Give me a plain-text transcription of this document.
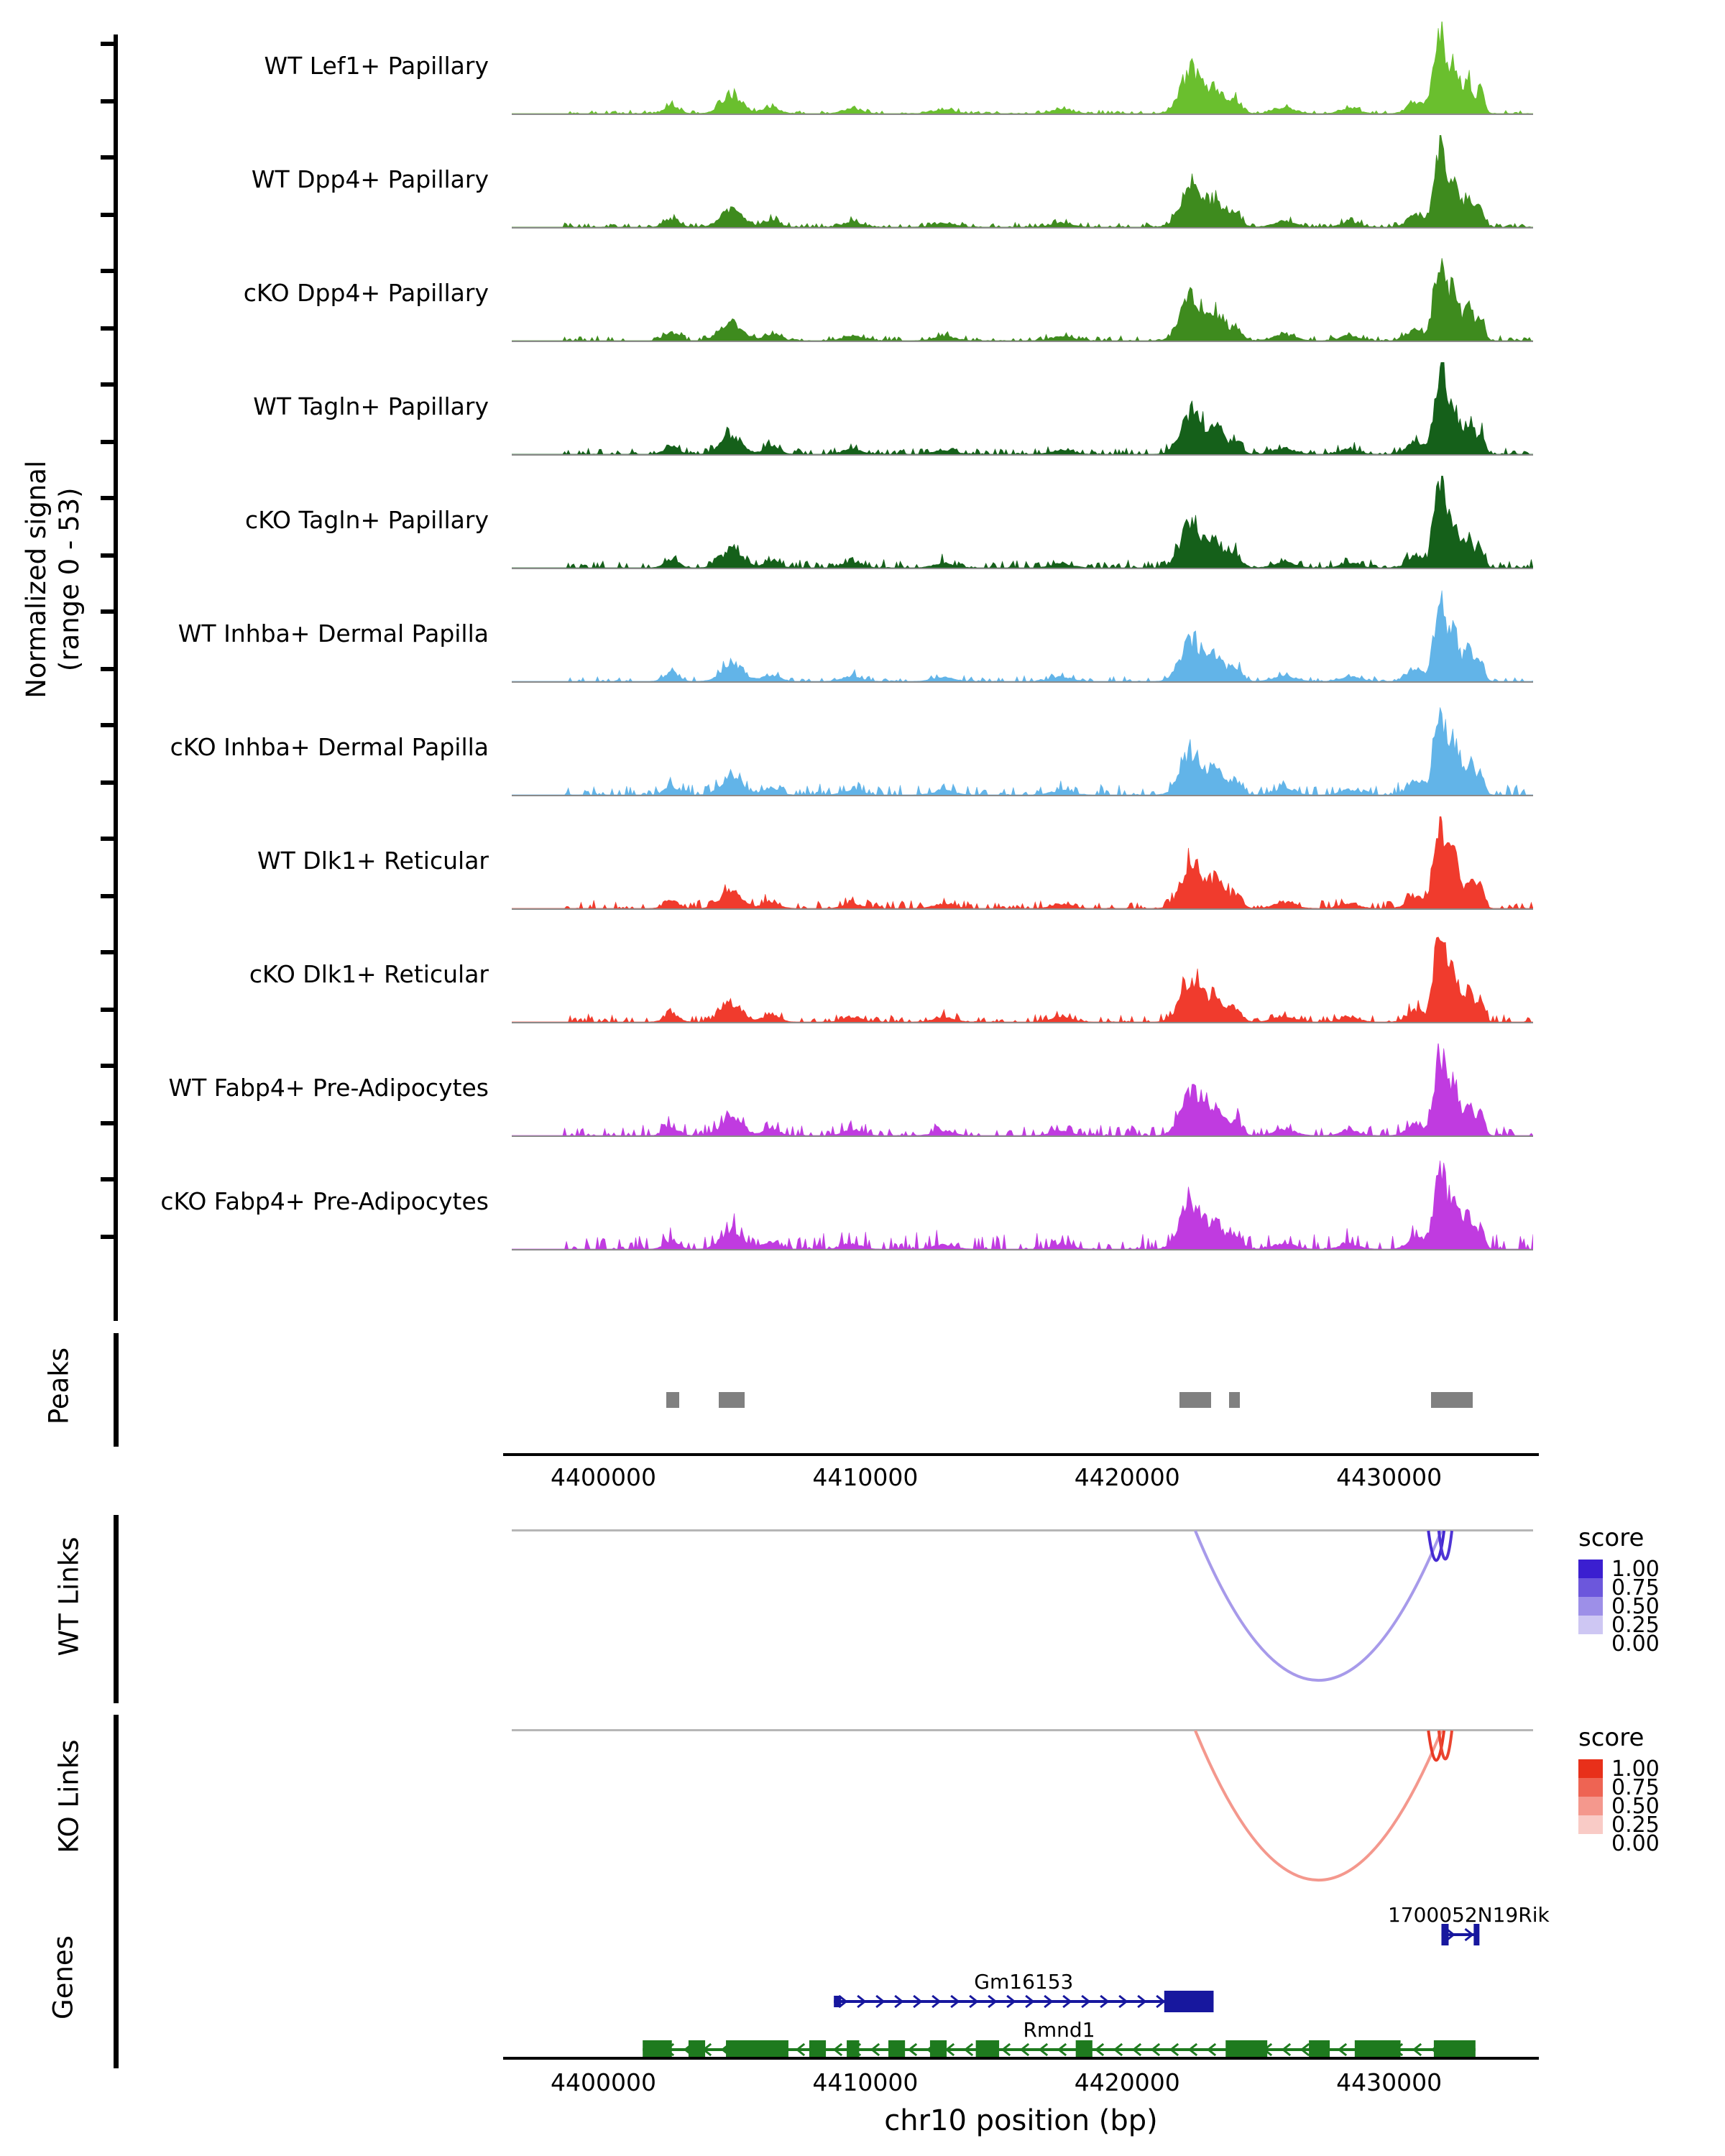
Normalized signal
(range 0 - 53)
WT Lef1+ Papillary
WT Dpp4+ Papillary
cKO Dpp4+ Papillary
WT Tagln+ Papillary
cKO Tagln+ Papillary
WT Inhba+ Dermal Papilla
cKO Inhba+ Dermal Papilla
WT Dlk1+ Reticular
cKO Dlk1+ Reticular
WT Fabp4+ Pre-Adipocytes
cKO Fabp4+ Pre-Adipocytes
Peaks
4400000	4410000	4420000	4430000
WT Links	score
1.00
0.75
0.50
0.25
0.00
KO Links
score
1.00
0.75
0.50
0.25
0.00
Genes	Gm16153
1700052N19Rik
Rmnd1
4400000	4410000	4420000	4430000
chr10 position (bp)
